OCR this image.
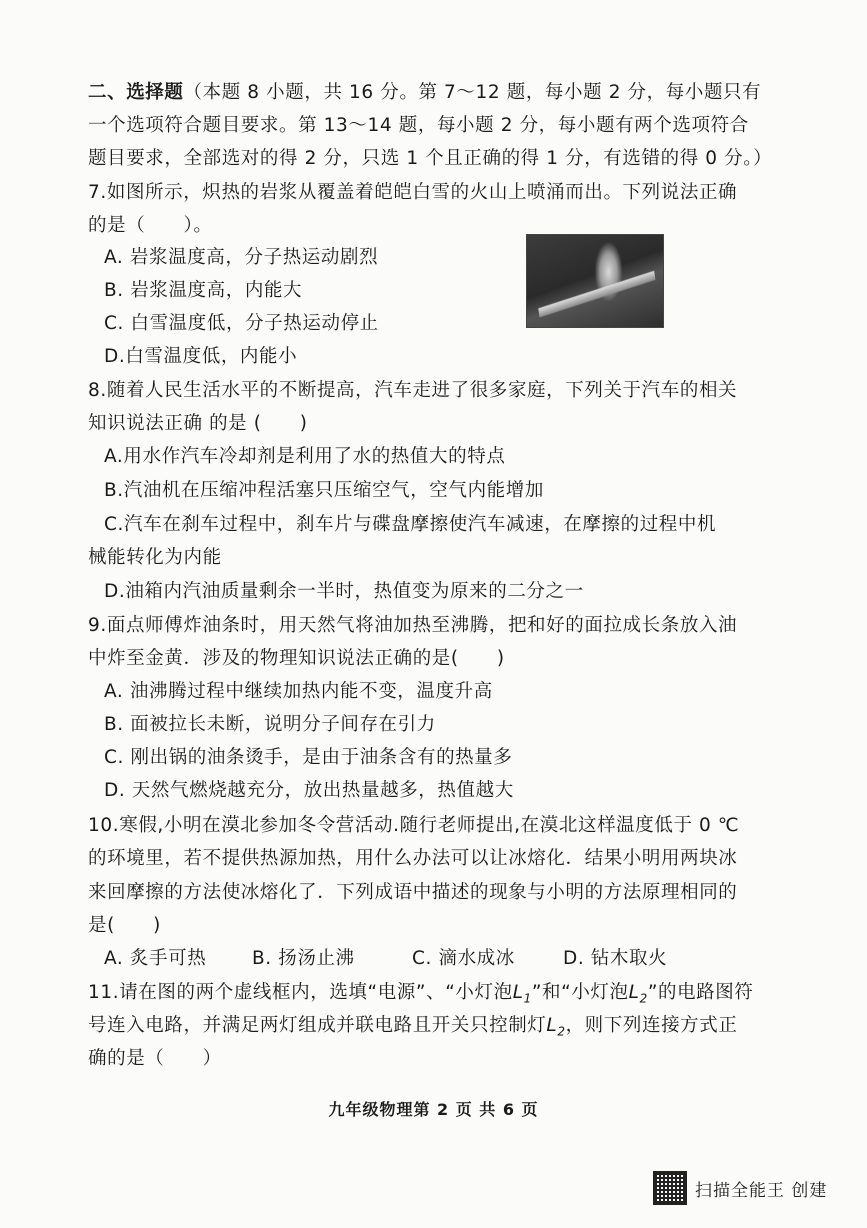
二、选择题（本题 8 小题，共 16 分。第 7～12 题，每小题 2 分，每小题只有
一个选项符合题目要求。第 13～14 题，每小题 2 分，每小题有两个选项符合
题目要求，全部选对的得 2 分，只选 1 个且正确的得 1 分，有选错的得 0 分。）
7.如图所示，炽热的岩浆从覆盖着皑皑白雪的火山上喷涌而出。下列说法正确
的是（　　）。
A. 岩浆温度高，分子热运动剧烈
B. 岩浆温度高，内能大
C. 白雪温度低，分子热运动停止
D.白雪温度低，内能小
8.随着人民生活水平的不断提高，汽车走进了很多家庭，下列关于汽车的相关
知识说法正确 的是 (　　)
A.用水作汽车冷却剂是利用了水的热值大的特点
B.汽油机在压缩冲程活塞只压缩空气，空气内能增加
C.汽车在刹车过程中，刹车片与碟盘摩擦使汽车减速，在摩擦的过程中机
械能转化为内能
D.油箱内汽油质量剩余一半时，热值变为原来的二分之一
9.面点师傅炸油条时，用天然气将油加热至沸腾，把和好的面拉成长条放入油
中炸至金黄．涉及的物理知识说法正确的是(　　)
A. 油沸腾过程中继续加热内能不变，温度升高
B. 面被拉长未断，说明分子间存在引力
C. 刚出锅的油条烫手，是由于油条含有的热量多
D. 天然气燃烧越充分，放出热量越多，热值越大
10.寒假,小明在漠北参加冬令营活动.随行老师提出,在漠北这样温度低于 0 ℃
的环境里，若不提供热源加热，用什么办法可以让冰熔化．结果小明用两块冰
来回摩擦的方法使冰熔化了．下列成语中描述的现象与小明的方法原理相同的
是(　　)
A. 炙手可热 B. 扬汤止沸	C. 滴水成冰	D. 钻木取火
11.请在图的两个虚线框内，选填“电源”、“小灯泡$L_1$”和“小灯泡$L_2$”的电路图符
号连入电路，并满足两灯组成并联电路且开关只控制灯$L_2$，则下列连接方式正
确的是（　　）
九年级物理第 2 页 共 6 页
扫描全能王 创建
